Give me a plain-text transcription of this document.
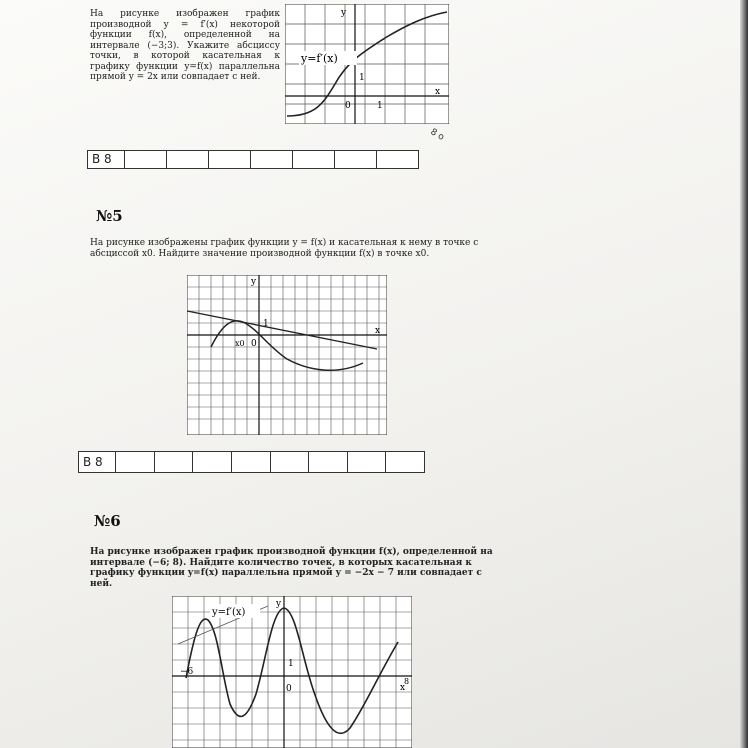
На рисунке изображен график производной y = f′(x) некоторой функции f(x), определенной на интервале (−3;3). Укажите абсциссу точки, в которой касательная к графику функции y=f(x) параллельна прямой y = 2x или совпадает с ней.
y=f′(x)
y
x
1
0	1
8 o
В 8
№5
На рисунке изображены график функции y = f(x) и касательная к нему в точке с абсциссой x0. Найдите значение производной функции f(x) в точке x0.
y
x
1
0
x0
В 8
№6
На рисунке изображен график производной функции f(x), определенной на интервале (−6; 8). Найдите количество точек, в которых касательная к графику функции y=f(x) параллельна прямой y = −2x − 7 или совпадает с ней.
y=f′(x)
y
x
8
−6
1
0
